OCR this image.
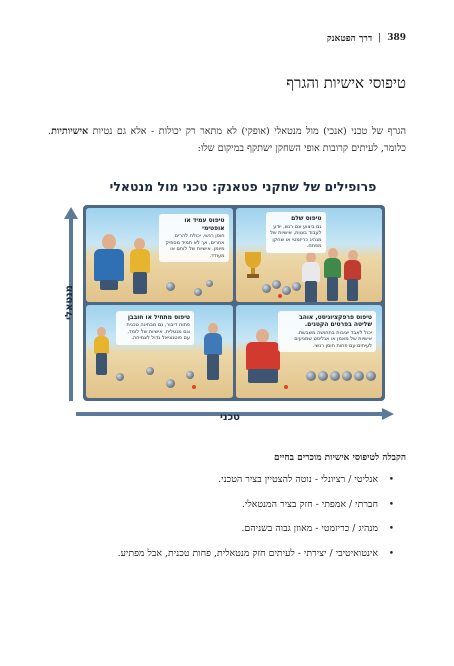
389
|
דרך הפטאנק
טיפוסי אישיות והגרף
הגרף של טכני (אנכי) מול מנטאלי (אופקי) לא מתאר רק יכולות - אלא גם נטיות אישיותיות. כלומר, לעיתים קרובות אופי השחקן ישתקף במיקום שלו:
פרופילים של שחקני פטאנק: טכני מול מנטאלי
מנטאלי
טכני
טיפוס עמיד או אופטימי
חוסן רגשי, יכולת להרים אחרים, אך לא תמיד מספיק מיומן. אישיות של לוחם או מעודד.
טיפוס שלם
גם ביצוע וגם רגש, יודע לעבוד בצוות, אישיות של מנהיג כריזמטי או שחקן מפתח.
טיפוס מתחיל או חובבן
פתוח דיבור, גם מבחינה טכנית וגם מנטלית. אישיות של לומד, עם פוטנציאל גדול לצמיחה.
טיפוס פרפקציוניסט, אוהב שליטה בפרטים הקטנים.
יכול לאבד יציבות בתחושה משבשת. אישיות של מאמן או אנליסט שמגיעים לעיתים עם פחות חוסן רגשי.
הקבלה לטיפוסי אישיות מוכרים בחיים
•
אנליטי / רציונלי - נוטה להצטיין בציר הטכני.
•
חברתי / אמפתי - חזק בציר המנטאלי.
•
מנהיג / כריזמטי - מאוזן גבוה בשניהם.
•
אינטואיטיבי / יצירתי - לעיתים חזק מנטאלית, פחות טכנית, אבל מפתיע.
